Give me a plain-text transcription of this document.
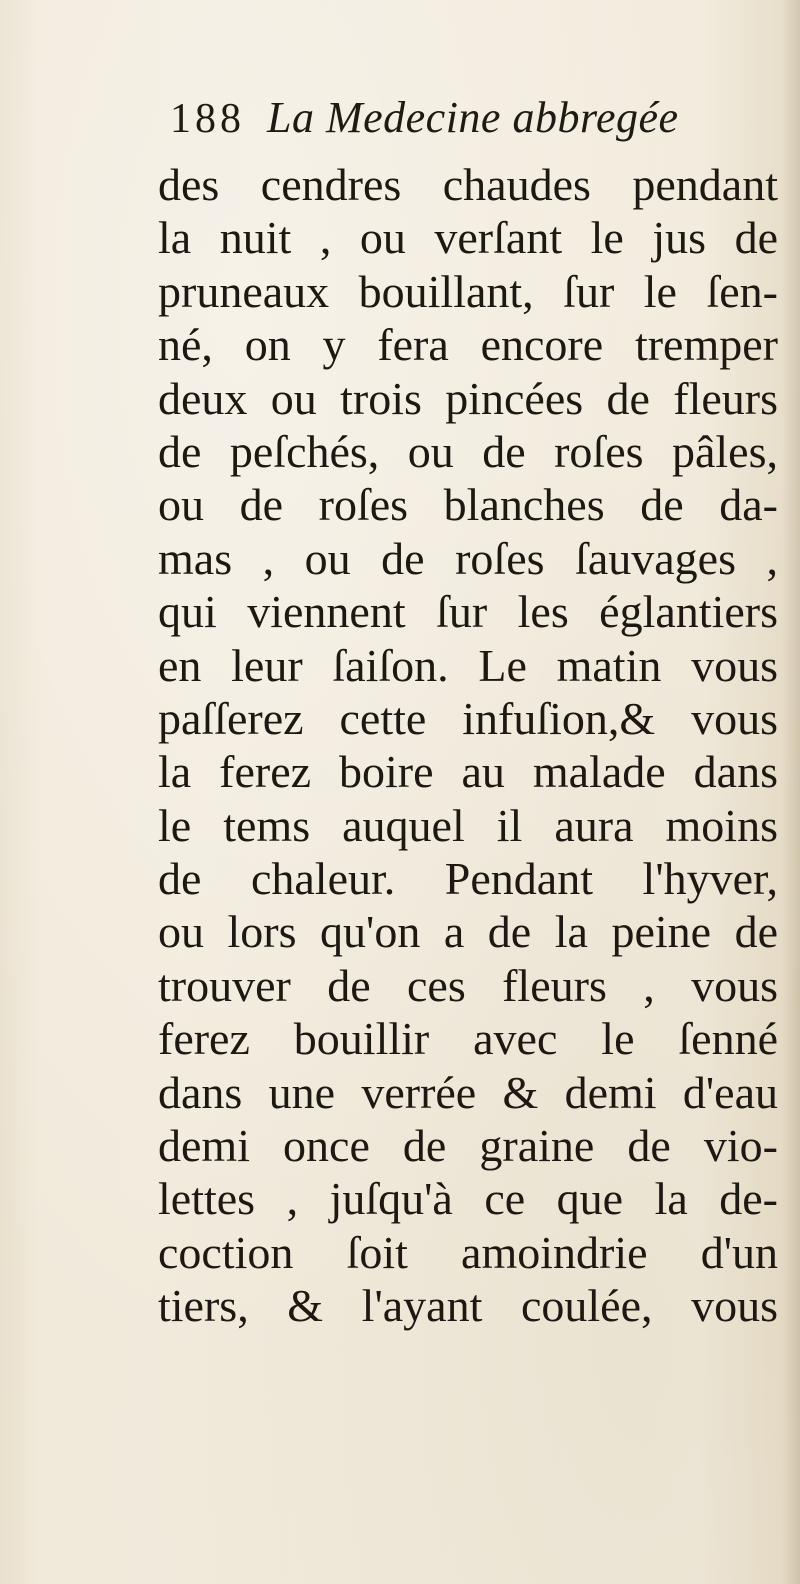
188 La Medecine abbregée
des cendres chaudes pendant
la nuit , ou verſant le jus de
pruneaux bouillant, ſur le ſen-
né, on y fera encore tremper
deux ou trois pincées de fleurs
de peſchés, ou de roſes pâles,
ou de roſes blanches de da-
mas , ou de roſes ſauvages ,
qui viennent ſur les églantiers
en leur ſaiſon. Le matin vous
paſſerez cette infuſion,& vous
la ferez boire au malade dans
le tems auquel il aura moins
de chaleur. Pendant l'hyver,
ou lors qu'on a de la peine de
trouver de ces fleurs , vous
ferez bouillir avec le ſenné
dans une verrée & demi d'eau
demi once de graine de vio-
lettes , juſqu'à ce que la de-
coction ſoit amoindrie d'un
tiers, & l'ayant coulée, vous
